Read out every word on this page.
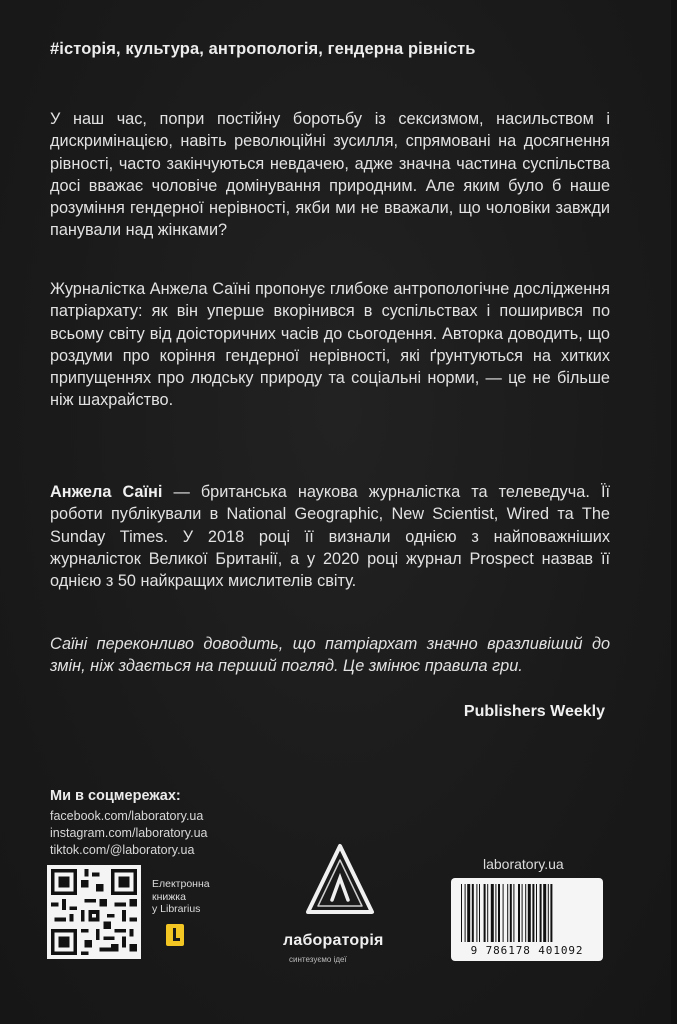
#історія, культура, антропологія, гендерна рівність

У наш час, попри постійну боротьбу із сексизмом, насильством і дискримінацією, навіть революційні зусилля, спрямовані на досягнення рівності, часто закінчуються невдачею, адже значна частина суспільства досі вважає чоловіче домінування природним. Але яким було б наше розуміння гендерної нерівності, якби ми не вважали, що чоловіки завжди панували над жінками?

Журналістка Анжела Саїні пропонує глибоке антропологічне дослідження патріархату: як він уперше вкорінився в суспільствах і поширився по всьому світу від доісторичних часів до сьогодення. Авторка доводить, що роздуми про коріння гендерної нерівності, які ґрунтуються на хитких припущеннях про людську природу та соціальні норми, — це не більше ніж шахрайство.

Анжела Саїні — британська наукова журналістка та телеведуча. Її роботи публікували в National Geographic, New Scientist, Wired та The Sunday Times. У 2018 році її визнали однією з найповажніших журналісток Великої Британії, а у 2020 році журнал Prospect назвав її однією з 50 найкращих мислителів світу.

Саїні переконливо доводить, що патріархат значно вразливіший до змін, ніж здається на перший погляд. Це змінює правила гри.

Publishers Weekly
Ми в соцмережах:
facebook.com/laboratory.ua
instagram.com/laboratory.ua
tiktok.com/@laboratory.ua
Електронна
книжка
у Librarius
лабораторія
синтезуємо ідеї
laboratory.ua
9 786178 401092
